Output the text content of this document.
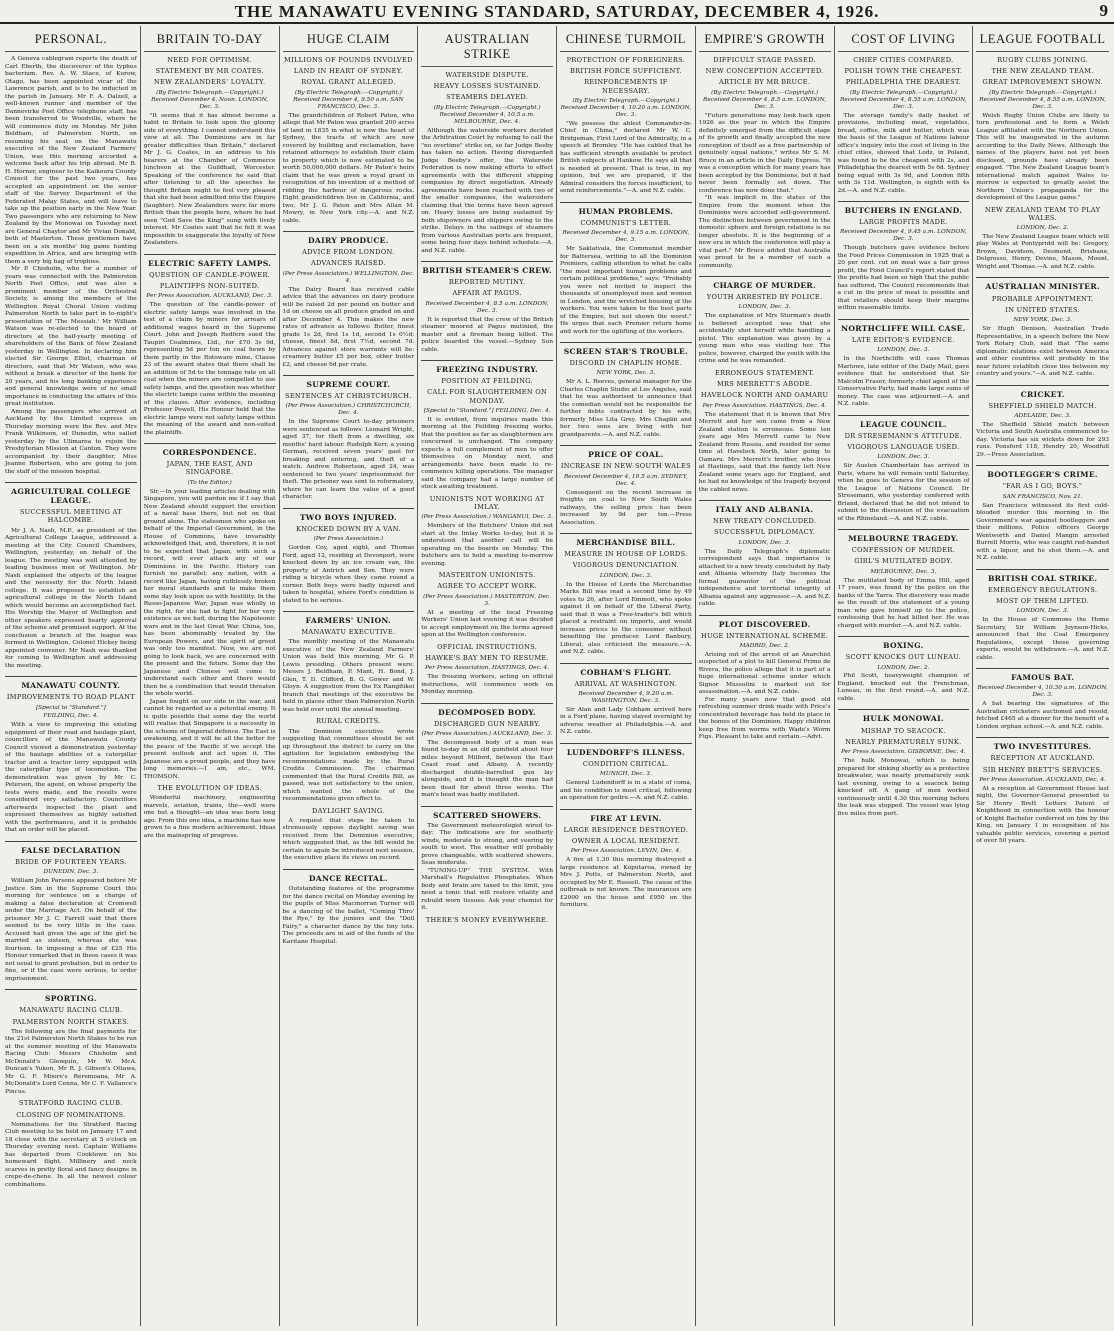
THE MANAWATU EVENING STANDARD, SATURDAY, DECEMBER 4, 1926.	9
PERSONAL.

A Geneva cablegram reports the death of Carl Eberth, the discoverer of the typhus bacterium. Rev. A. W. Stace, of Kurow, Otago, has been appointed vicar of the Lawrence parish, and is to be inducted in the parish in January. Mr F. A. Dalzell, a well-known runner and member of the Dannevirke Post Office telephone staff, has been transferred to Woodville, where he will commence duty on Monday. Mr John Beldham, of Palmerston North, on resuming his seat on the Manawatu executive of the New Zealand Farmers' Union, was this morning accorded a welcome back after his trip abroad. Mr B. H. Horner, engineer to the Kaikoura County Council for the past two years, has accepted an appointment on the senior staff of the Survey Department of the Federated Malay States, and will leave to take up the position early in the New Year. Two passengers who are returning to New Zealand by the Monowai on Tuesday next are General Chaytor and Mr Vivian Donald, both of Masterton. These gentlemen have been on a six months' big game hunting expedition in Africa, and are bringing with them a very big bag of trophies.

Mr P. Chisholm, who for a number of years was connected with the Palmerston North Post Office, and was also a prominent member of the Orchestral Society, is among the members of the Wellington Royal Choral Union visiting Palmerston North to take part in to-night's presentation of 'The Messiah.' Mr William Watson was re-elected to the board of directors at the half-yearly meeting of shareholders of the Bank of New Zealand yesterday in Wellington. In declaring him elected Sir George Elliot, chairman of directors, said that Mr Watson, who was without a break a director of the bank for 20 years, and his long banking experience and general knowledge were of no small importance in conducting the affairs of this great institution.

Among the passengers who arrived at Auckland by the Limited express on Thursday morning were the Rev. and Mrs Frank Wilkinson, of Dunedin, who sailed yesterday by the Ulimaroa to rejoin the Presbyterian Mission at Canton. They were accompanied by their daughter, Miss Jeanne Robertson, who are going to join the staff of the mission hospital.

AGRICULTURAL COLLEGE LEAGUE.
SUCCESSFUL MEETING AT HALCOMBE.

Mr J. A. Nash, M.P., as president of the Agricultural College League, addressed a meeting at the City Council Chambers, Wellington, yesterday, on behalf of the league. The meeting was well attended by leading business men of Wellington. Mr Nash explained the objects of the league and the necessity for the North Island college. It was proposed to establish an agricultural college in the North Island which would become an accomplished fact. His Worship the Mayor of Wellington and other speakers expressed hearty approval of the scheme and promised support. At the conclusion a branch of the league was formed in Wellington, Colonel Hickey being appointed convener. Mr Nash was thanked for coming to Wellington and addressing the meeting.

MANAWATU COUNTY.
IMPROVEMENTS TO ROAD PLANT
[Special to "Standard."]
FEILDING, Dec. 4.

With a view to improving the existing equipment of their road and haulage plant, councillors of the Manawatu County Council viewed a demonstration yesterday of the haulage abilities of a caterpillar tractor and a tractor lorry equipped with the caterpillar type of locomotion. The demonstration was given by Mr C. Peterson, the agent, on whose property the tests were made, and the results were considered very satisfactory. Councillors afterwards inspected the plant and expressed themselves as highly satisfied with the performance, and it is probable that an order will be placed.

FALSE DECLARATION
BRIDE OF FOURTEEN YEARS.
DUNEDIN, Dec. 3.

William John Parsons appeared before Mr Justice Sim in the Supreme Court this morning for sentence on a charge of making a false declaration at Cromwell under the Marriage Act. On behalf of the prisoner Mr J. C. Farrell said that there seemed to be very little in the case. Accused had given the age of the girl he married as sixteen, whereas she was fourteen. In imposing a fine of £25 His Honour remarked that in these cases it was not usual to grant probation, but in order to fine, or if the case were serious, to order imprisonment.

SPORTING.
MANAWATU RACING CLUB.
PALMERSTON NORTH STAKES.

The following are the final payments for the 21st Palmerston North Stakes to be run at the summer meeting of the Manawatu Racing Club: Messrs Chisholm and McDonald's Glenquin, Mr W. McA. Duncan's Yukon, Mr R. J. Gibson's Ottawa, Mr G. F. Moore's Reremoana, Mr A. McDonald's Lord Cenna, Mr C. F. Vallance's Pincus.

STRATFORD RACING CLUB.
CLOSING OF NOMINATIONS.

Nominations for the Stratford Racing Club meeting to be held on January 17 and 18 close with the secretary at 5 o'clock on Thursday evening next. Captain Williams has departed from Cooktown on his homeward flight. Millinery and neck scarves in pretty floral and fancy designs in crepe-de-chene. In all the newest colour combinations.

BRITAIN TO-DAY
NEED FOR OPTIMISM.
STATEMENT BY MR COATES.
NEW ZEALANDERS' LOYALTY.
(By Electric Telegraph.—Copyright.) Received December 4, Noon. LONDON, Dec. 3.

"It seems that it has almost become a habit in Britain to look upon the gloomy side of everything. I cannot understand this view at all. The Dominions are in far greater difficulties than Britain," declared Mr J. G. Coates, in an address to his hearers at the Chamber of Commerce luncheon at the Guildhall, Worcester. Speaking of the conference he said that after listening to all the speeches he thought Britain ought to feel very pleased that she had been admitted into the Empire (laughter). New Zealanders were far more British than the people here, where he had seen "God Save the King" sung with lively interest. Mr Coates said that he felt it was impossible to exaggerate the loyalty of New Zealanders.

ELECTRIC SAFETY LAMPS.
QUESTION OF CANDLE-POWER.
PLAINTIFFS NON-SUITED.
Per Press Association. AUCKLAND, Dec. 3.

The question of the candle-power of electric safety lamps was involved in the test of a claim by miners for arrears of additional wages heard in the Supreme Court. John and Joseph Redfern sued the Taupiri Coalmines, Ltd., for £70 3s 9d, representing 5d per ton on coal hewn by them partly in the Rotowaro mine. Clause 23 of the award states that there shall be an addition of 5d to the tonnage rate on all coal when the miners are compelled to use safety lamps, and the question was whether the electric lamps came within the meaning of the clause. After evidence, including Professor Powell, His Honour held that the electric lamps were not safety lamps within the meaning of the award and non-suited the plaintiffs.

CORRESPONDENCE.
JAPAN, THE EAST, AND SINGAPORE.
(To the Editor.)

Sir,—In your leading articles dealing with Singapore, you will pardon me if I say that New Zealand should support the erection of a naval base there, but not on that ground alone. The statesmen who spoke on behalf of the Imperial Government, in the House of Commons, have invariably acknowledged that, and, therefore, it is not to be expected that Japan, with such a record, will ever attack any of our Dominions in the Pacific. History can furnish no parallel; any nation, with a record like Japan, having ruthlessly broken her moral standards and to make them some day look upon us with hostility. In the Russo-Japanese War, Japan was wholly in the right, for she had to fight for her very existence as we had, during the Napoleonic wars and in the last Great War. China, too, has been abominably treated by the European Powers, and the spirit of greed was only too manifest. Now, we are not going to look back, we are concerned with the present and the future. Some day the Japanese and Chinese will come to understand each other and there would then be a combination that would threaten the whole world.

Japan fought on our side in the war, and cannot be regarded as a potential enemy. It is quite possible that some day the world will realise that Singapore is a necessity in the scheme of Imperial defence. The East is awakening, and it will be all the better for the peace of the Pacific if we accept the present outlook and act upon it. The Japanese are a proud people, and they have long memories.—I am, etc., WM. THOMSON.

THE EVOLUTION OF IDEAS.

Wonderful machinery, engineering marvels, aviation, trains, the—well were one but a thought—an idea was born long ago. From this one idea, a machine has now grown to a fine modern achievement. Ideas are the mainspring of progress.

HUGE CLAIM
MILLIONS OF POUNDS INVOLVED
LAND IN HEART OF SYDNEY.
ROYAL GRANT ALLEGED.
(By Electric Telegraph.—Copyright.) Received December 4, 9.50 a.m. SAN FRANCISCO, Dec. 3.

The grandchildren of Robert Paton, who allege that Mr Paton was granted 200 acres of land in 1835 in what is now the heart of Sydney, the tracts of which are now covered by building and reclamation, have retained attorneys to establish their claim to property which is now estimated to be worth 50,000,000 dollars. Mr Paton's heirs claim that he was given a royal grant in recognition of his invention of a method of ridding the harbour of dangerous rocks. Eight grandchildren live in California, and two, Mr J. G. Paton and Mrs Allan M. Mowry, in New York city.—A. and N.Z. cable.

DAIRY PRODUCE.
ADVICE FROM LONDON.
ADVANCES RAISED.
(Per Press Association.) WELLINGTON, Dec. 4.

The Dairy Board has received cable advice that the advances on dairy produce will be raised 2d per pound on butter and 1d on cheese on all produce graded on and after December 4. This makes the new rates of advance as follows: Butter, finest grade 1s 2d, first 1s 1d, second 1s 0½d; cheese, finest 8d, first 7½d, second 7d. Advances against store warrants will be: creamery butter £5 per box, other butter £2, and cheese 6d per crate.

SUPREME COURT.
SENTENCES AT CHRISTCHURCH.
(Per Press Association.) CHRISTCHURCH, Dec. 4.

In the Supreme Court to-day prisoners were sentenced as follows: Leonard Wright, aged 37, for theft from a dwelling, six months' hard labour. Rudolph Kerr, a young German, received seven years' gaol for breaking and entering, and theft of a watch. Andrew Robertson, aged 24, was sentenced to two years' imprisonment for theft. The prisoner was sent to reformatory, where he can learn the value of a good character.

TWO BOYS INJURED.
KNOCKED DOWN BY A VAN.
(Per Press Association.)

Gordon Coy, aged eight, and Thomas Ford, aged 12, residing at Devonport, were knocked down by an ice cream van, the property of Antrich and Son. They were riding a bicycle when they came round a corner. Both boys were badly injured and taken to hospital, where Ford's condition is stated to be serious.

FARMERS' UNION.
MANAWATU EXECUTIVE.

The monthly meeting of the Manawatu executive of the New Zealand Farmers' Union was held this morning, Mr G. P. Lewis presiding. Others present were: Messrs J. Beldham, P. Mant, H. Bond, J. Glen, T. D. Clifford, B. G. Gower and W. Gloyn. A suggestion from the Ex Rangitikei branch that meetings of the executive be held in places other than Palmerston North was held over until the annual meeting.

RURAL CREDITS.

The Dominion executive wrote suggesting that committees should be set up throughout the district to carry on the agitation for legislation embodying the recommendations made by the Rural Credits Commission. The chairman commented that the Rural Credits Bill, as passed, was not satisfactory to the union, which wanted the whole of the recommendations given effect to.

DAYLIGHT SAVING.

A request that steps be taken to strenuously oppose daylight saving was received from the Dominion executive, which suggested that, as the bill would be certain to again be introduced next session, the executive place its views on record.

DANCE RECITAL.

Outstanding features of the programme for the dance recital on Monday evening by the pupils of Miss Macmorran Turner will be a dancing of the ballet, "Coming Thro' the Rye," by the juniors and the "Doll Fairy," a character dance by the tiny tots. The proceeds are in aid of the funds of the Karitane Hospital.

AUSTRALIAN STRIKE
WATERSIDE DISPUTE.
HEAVY LOSSES SUSTAINED.
STEAMERS DELAYED.
(By Electric Telegraph.—Copyright.) Received December 4, 10.5 a.m. MELBOURNE, Dec. 4.

Although the waterside workers decided the Arbitration Court by refusing to call the "no overtime" strike on, so far Judge Beeby has taken no action. Having disregarded Judge Beeby's offer, the Waterside Federation is now making efforts to effect agreements with the different shipping companies by direct negotiation. Already agreements have been reached with two of the smaller companies, the watersiders claiming that the terms have been agreed on. Heavy losses are being sustained by both shipowners and shippers owing to the strike. Delays in the sailings of steamers from various Australian ports are frequent, some being four days behind schedule.—A. and N.Z. cable.

BRITISH STEAMER'S CREW.
REPORTED MUTINY.
AFFAIR AT PAGUS.
Received December 4, 8.5 a.m. LONDON, Dec. 3.

It is reported that the crew of the British steamer moored at Pagus mutinied, the master and a fireman being killed. The police boarded the vessel.—Sydney Sun cable.

FREEZING INDUSTRY.
POSITION AT FEILDING.
CALL FOR SLAUGHTERMEN ON MONDAY.
[Special to "Standard."] FEILDING, Dec. 4.

It is evident, from inquiries made this morning at the Feilding freezing works, that the position as far as slaughtermen are concerned is unchanged. The company expects a full complement of men to offer themselves on Monday next, and arrangements have been made to re-commence killing operations. The manager said the company had a large number of stock awaiting treatment.

UNIONISTS NOT WORKING AT IMLAY.
(Per Press Association.) WANGANUI, Dec. 3.

Members of the Butchers' Union did not start at the Imlay Works to-day, but it is understood that another call will be operating on the boards on Monday. The butchers are to hold a meeting to-morrow evening.

MASTERTON UNIONISTS.
AGREE TO ACCEPT WORK.
(Per Press Association.) MASTERTON, Dec. 3.

At a meeting of the local Freezing Workers' Union last evening it was decided to accept employment on the terms agreed upon at the Wellington conference.

OFFICIAL INSTRUCTIONS.
HAWKE'S BAY MEN TO RESUME.
Per Press Association. HASTINGS, Dec. 4.

The freezing workers, acting on official instructions, will commence work on Monday morning.

DECOMPOSED BODY.
DISCHARGED GUN NEARBY.
(Per Press Association.) AUCKLAND, Dec. 3.

The decomposed body of a man was found to-day in an old gumfield about four miles beyond Milford, between the East Coast road and Albany. A recently discharged double-barrelled gun lay alongside, and it is thought the man had been dead for about three weeks. The man's head was badly mutilated.

SCATTERED SHOWERS.

The Government meteorologist wired to-day: The indications are for southerly winds, moderate to strong, and veering by south to west. The weather will probably prove changeable, with scattered showers. Seas moderate.

"TUNING-UP" THE SYSTEM. With Marshall's Regulative Phosphates. When body and brain are taxed to the limit, you need a tonic that will restore vitality and rebuild worn tissues. Ask your chemist for it.

THERE'S MONEY EVERYWHERE.
CHINESE TURMOIL
PROTECTION OF FOREIGNERS.
BRITISH FORCE SUFFICIENT.
REINFORCEMENTS IF NECESSARY.
(By Electric Telegraph.—Copyright.) Received December 4, 10.20 a.m. LONDON, Dec. 3.

"We possess the ablest Commander-in-Chief in China," declared Mr W. C. Bridgeman, First Lord of the Admiralty, in a speech at Bromley. "He has cabled that he has sufficient strength available to protect British subjects at Hankow. He says all that is needed at present. That is true, in my opinion, but we are prepared, if the Admiral considers the forces insufficient, to send reinforcements."—A. and N.Z. cable.

HUMAN PROBLEMS.
COMMUNIST'S LETTER.
Received December 4, 9.15 a.m. LONDON, Dec. 3.

Mr Saklatvala, the Communist member for Battersea, writing to all the Dominion Premiers, calling attention to what he calls "the most important human problems and certain political problems," says: "Probably you were not invited to inspect the thousands of unemployed men and women in London, and the wretched housing of the workers. You were taken to the best parts of the Empire, but not shown the worst." He urges that each Premier return home and work for the uplifting of the workers.

SCREEN STAR'S TROUBLE.
DISCORD IN CHAPLIN HOME.
NEW YORK, Dec. 3.

Mr A. L. Reeves, general manager for the Charles Chaplin Studio at Los Angeles, said that he was authorised to announce that the comedian would not be responsible for further debts contracted by his wife, formerly Miss Lita Grey. Mrs Chaplin and her two sons are living with her grandparents.—A. and N.Z. cable.

PRICE OF COAL.
INCREASE IN NEW SOUTH WALES
Received December 4, 10.5 a.m. SYDNEY, Dec. 4.

Consequent on the recent increase in freights on coal to New South Wales railways, the selling price has been increased by 9d per ton.—Press Association.

MERCHANDISE BILL.
MEASURE IN HOUSE OF LORDS.
VIGOROUS DENUNCIATION.
LONDON, Dec. 3.

In the House of Lords the Merchandise Marks Bill was read a second time by 49 votes to 26, after Lord Emmott, who spoke against it on behalf of the Liberal Party, said that it was a Free-trader's bill which placed a restraint on imports, and would increase prices to the consumer without benefiting the producer. Lord Banbury, Liberal, also criticised the measure.—A. and N.Z. cable.

COBHAM'S FLIGHT.
ARRIVAL AT WASHINGTON.
Received December 4, 9.20 a.m. WASHINGTON, Dec. 3.

Sir Alan and Lady Cobham arrived here in a Ford plane, having stayed overnight by adverse weather at Philadelphia.—A. and N.Z. cable.

LUDENDORFF'S ILLNESS.
CONDITION CRITICAL.
MUNICH, Dec. 3.

General Ludendorff is in a state of coma, and his condition is most critical, following an operation for goitre.—A. and N.Z. cable.

FIRE AT LEVIN.
LARGE RESIDENCE DESTROYED.
OWNER A LOCAL RESIDENT.
Per Press Association. LEVIN, Dec. 4.

A fire at 1.30 this morning destroyed a large residence at Koputaroa, owned by Mrs J. Potts, of Palmerston North, and occupied by Mr E. Russell. The cause of the outbreak is not known. The insurances are £2000 on the house and £950 on the furniture.

EMPIRE'S GROWTH
DIFFICULT STAGE PASSED.
NEW CONCEPTION ACCEPTED.
ARTICLE BY MR BRUCE.
(By Electric Telegraph.—Copyright.) Received December 4, 8.5 a.m. LONDON, Dec. 3.

"Future generations may look back upon 1926 as the year in which the Empire definitely emerged from the difficult stage of its growth and finally accepted the new conception of itself as a free partnership of genuinely equal nations," writes Mr S. M. Bruce in an article in the Daily Express. "It was a conception which for many years has been accepted by the Dominions, but it had never been formally set down. The conference has now done that."

"It was implicit in the status of the Empire from the moment when the Dominions were accorded self-government. The distinction between government in the domestic sphere and foreign relations is no longer absolute. It is the beginning of a new era in which the conference will play a vital part." Mr Bruce added that Australia was proud to be a member of such a community.

CHARGE OF MURDER.
YOUTH ARRESTED BY POLICE.
LONDON, Dec. 3.

The explanation of Mrs Sturman's death is believed accepted was that she accidentally shot herself while handling a pistol. The explanation was given by a young man who was visiting her. The police, however, charged the youth with the crime and he was remanded.

ERRONEOUS STATEMENT.
MRS MERRETT'S ABODE.
HAVELOCK NORTH AND OAMARU
Per Press Association. HASTINGS, Dec. 4.

The statement that it is known that Mrs Merrett and her son came from a New Zealand station is erroneous. Some ten years ago Mrs Merrett came to New Zealand from Russia, and resided for some time at Havelock North, later going to Oamaru. Mrs Merrett's brother, who lives at Hastings, said that the family left New Zealand some years ago for England, and he had no knowledge of the tragedy beyond the cabled news.

ITALY AND ALBANIA.
NEW TREATY CONCLUDED.
SUCCESSFUL DIPLOMACY.
LONDON, Dec. 3.

The Daily Telegraph's diplomatic correspondent says that importance is attached to a new treaty concluded by Italy and Albania whereby Italy becomes the formal guarantor of the political independence and territorial integrity of Albania against any aggressor.—A. and N.Z. cable.

PLOT DISCOVERED.
HUGE INTERNATIONAL SCHEME.
MADRID, Dec. 2.

Arising out of the arrest of an Anarchist suspected of a plot to kill General Primo de Rivera, the police allege that it is part of a huge international scheme under which Signor Mussolini is marked out for assassination.—A. and N.Z. cable.

For many years now that good old refreshing summer drink made with Price's concentrated beverage has held its place in the homes of the Dominion. Happy children keep free from worms with Wade's Worm Figs. Pleasant to take and certain.—Advt.

COST OF LIVING
CHIEF CITIES COMPARED.
POLISH TOWN THE CHEAPEST.
PHILADELPHIA THE DEAREST.
(By Electric Telegraph.—Copyright.) Received December 4, 8.55 a.m. LONDON, Dec. 3.

The average family's daily basket of provisions, including meat, vegetables, bread, coffee, milk and butter, which was the basis of the League of Nations labour office's inquiry into the cost of living in the chief cities, showed that Lodz, in Poland, was found to be the cheapest with 2s, and Philadelphia the dearest with 5s 6d. Sydney being equal with 3s 9d, and London fifth with 3s 11d. Wellington, is eighth with 4s 2d.—A. and N.Z. cable.

BUTCHERS IN ENGLAND.
LARGE PROFITS MADE.
Received December 4, 9.45 a.m. LONDON, Dec. 3.

Though butchers gave evidence before the Food Prices Commission in 1925 that a 20 per cent. cut on meat was a fair gross profit, the Food Council's report stated that the profits had been so high that the public has suffered. The Council recommends that a cut in the price of meat is possible and that retailers should keep their margins within reasonable limits.

NORTHCLIFFE WILL CASE.
LATE EDITOR'S EVIDENCE.
LONDON, Dec. 3.

In the Northcliffe will case Thomas Marlowe, late editor of the Daily Mail, gave evidence that he understood that Sir Malcolm Fraser, formerly chief agent of the Conservative Party, had made large sums of money. The case was adjourned.—A. and N.Z. cable.

LEAGUE COUNCIL.
DR STRESEMANN'S ATTITUDE.
VIGOROUS LANGUAGE USED.
LONDON, Dec. 3.

Sir Austen Chamberlain has arrived in Paris, where he will remain until Saturday, when he goes to Geneva for the session of the League of Nations Council. Dr Stresemann, who yesterday conferred with Briand, declared that he did not intend to submit to the discussion of the evacuation of the Rhineland.—A. and N.Z. cable.

MELBOURNE TRAGEDY.
CONFESSION OF MURDER.
GIRL'S MUTILATED BODY.
MELBOURNE, Dec. 3.

The mutilated body of Emma Hill, aged 17 years, was found by the police on the banks of the Yarra. The discovery was made as the result of the statement of a young man who gave himself up to the police, confessing that he had killed her. He was charged with murder.—A. and N.Z. cable.

BOXING.
SCOTT KNOCKS OUT LUNEAU.
LONDON, Dec. 2.

Phil Scott, heavyweight champion of England, knocked out the Frenchman, Luneau, in the first round.—A. and N.Z. cable.

HULK MONOWAI.
MISHAP TO SEACOCK.
NEARLY PREMATURELY SUNK.
Per Press Association. GISBORNE, Dec. 4.

The hulk Monowai, which is being prepared for sinking shortly as a protective breakwater, was nearly prematurely sunk last evening, owing to a seacock being knocked off. A gang of men worked continuously until 4.30 this morning before the leak was stopped. The vessel was lying five miles from port.

LEAGUE FOOTBALL
RUGBY CLUBS JOINING.
THE NEW ZEALAND TEAM.
GREAT IMPROVEMENT SHOWN.
(By Electric Telegraph.—Copyright.) Received December 4, 8.55 a.m. LONDON, Dec. 3.

Welsh Rugby Union Clubs are likely to turn professional and to form a Welsh League affiliated with the Northern Union. This will be inaugurated in the autumn according to the Daily News. Although the names of the players have not yet been disclosed, grounds have already been engaged. "The New Zealand League team's international match against Wales to-morrow is expected to greatly assist the Northern Union's propaganda for the development of the League game."

NEW ZEALAND TEAM TO PLAY WALES.
LONDON, Dec. 2.

The New Zealand League team which will play Wales at Pontypridd will be: Gregory, Brown, Davidson, Desmond, Brisbane, Delgrosso, Henry, Devine, Mason, Mount, Wright and Thomas.—A. and N.Z. cable.

AUSTRALIAN MINISTER.
PROBABLE APPOINTMENT.
IN UNITED STATES.
NEW YORK, Dec. 3.

Sir Hugh Denison, Australian Trade Representative, in a speech before the New York Rotary Club, said that "The same diplomatic relations exist between America and other countries will probably in the near future establish close ties between my country and yours."—A. and N.Z. cable.

CRICKET.
SHEFFIELD SHIELD MATCH.
ADELAIDE, Dec. 3.

The Sheffield Shield match between Victoria and South Australia commenced to-day. Victoria has six wickets down for 293 runs. Ponsford 118, Hendry 20, Woodfull 29.—Press Association.

BOOTLEGGER'S CRIME.
"FAR AS I GO, BOYS."
SAN FRANCISCO, Nov. 21.

San Francisco witnessed its first cold-blooded murder this morning in the Government's war against bootleggers and their millions. Police officers George Wentworth and Daniel Mangin arrested Burrell Morris, who was caught red-handed with a liquor, and he shot them.—A. and N.Z. cable.

BRITISH COAL STRIKE.
EMERGENCY REGULATIONS.
MOST OF THEM LIFTED.
LONDON, Dec. 3.

In the House of Commons the Home Secretary, Sir William Joynson-Hicks, announced that the Coal Emergency Regulations, except those governing exports, would be withdrawn.—A. and N.Z. cable.

FAMOUS BAT.
Received December 4, 10.30 a.m. LONDON, Dec. 3.

A bat bearing the signatures of the Australian cricketers auctioned and resold, fetched £465 at a dinner for the benefit of a London orphan school.—A. and N.Z. cable.

TWO INVESTITURES.
RECEPTION AT AUCKLAND.
SIR HENRY BRETT'S SERVICES.
Per Press Association. AUCKLAND, Dec. 4.

At a reception at Government House last night, the Governor-General presented to Sir Henry Brett Letters Patent of Knighthood in connection with the honour of Knight Bachelor conferred on him by the King, on January 1 in recognition of his valuable public services, covering a period of over 50 years.
